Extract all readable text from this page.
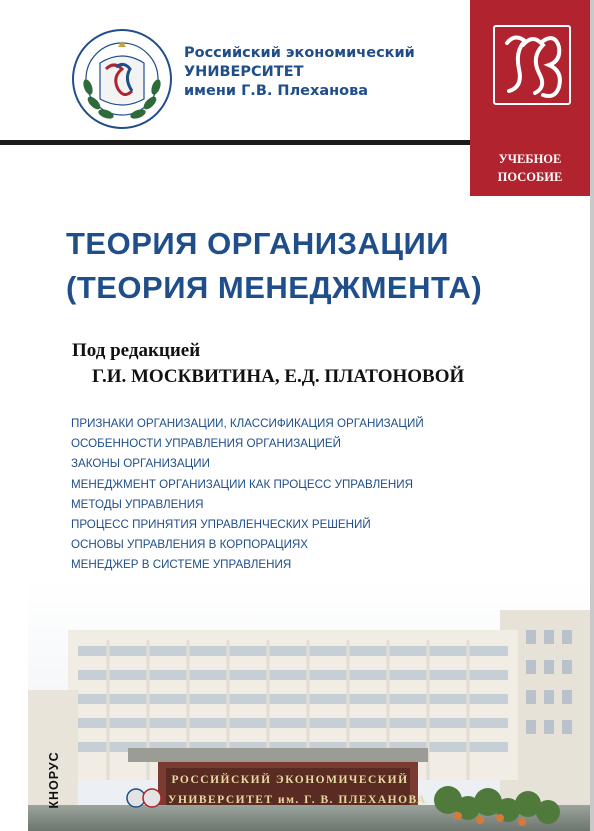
Российский экономический
УНИВЕРСИТЕТ
имени Г.В. Плеханова
УЧЕБНОЕ
ПОСОБИЕ
ТЕОРИЯ ОРГАНИЗАЦИИ
(ТЕОРИЯ МЕНЕДЖМЕНТА)
Под редакцией
Г.И. МОСКВИТИНА, Е.Д. ПЛАТОНОВОЙ
ПРИЗНАКИ ОРГАНИЗАЦИИ, КЛАССИФИКАЦИЯ ОРГАНИЗАЦИЙ
ОСОБЕННОСТИ УПРАВЛЕНИЯ ОРГАНИЗАЦИЕЙ
ЗАКОНЫ ОРГАНИЗАЦИИ
МЕНЕДЖМЕНТ ОРГАНИЗАЦИИ КАК ПРОЦЕСС УПРАВЛЕНИЯ
МЕТОДЫ УПРАВЛЕНИЯ
ПРОЦЕСС ПРИНЯТИЯ УПРАВЛЕНЧЕСКИХ РЕШЕНИЙ
ОСНОВЫ УПРАВЛЕНИЯ В КОРПОРАЦИЯХ
МЕНЕДЖЕР В СИСТЕМЕ УПРАВЛЕНИЯ
РОССИЙСКИЙ ЭКОНОМИЧЕСКИЙ
УНИВЕРСИТЕТ им. Г. В. ПЛЕХАНОВА
КНОРУС
